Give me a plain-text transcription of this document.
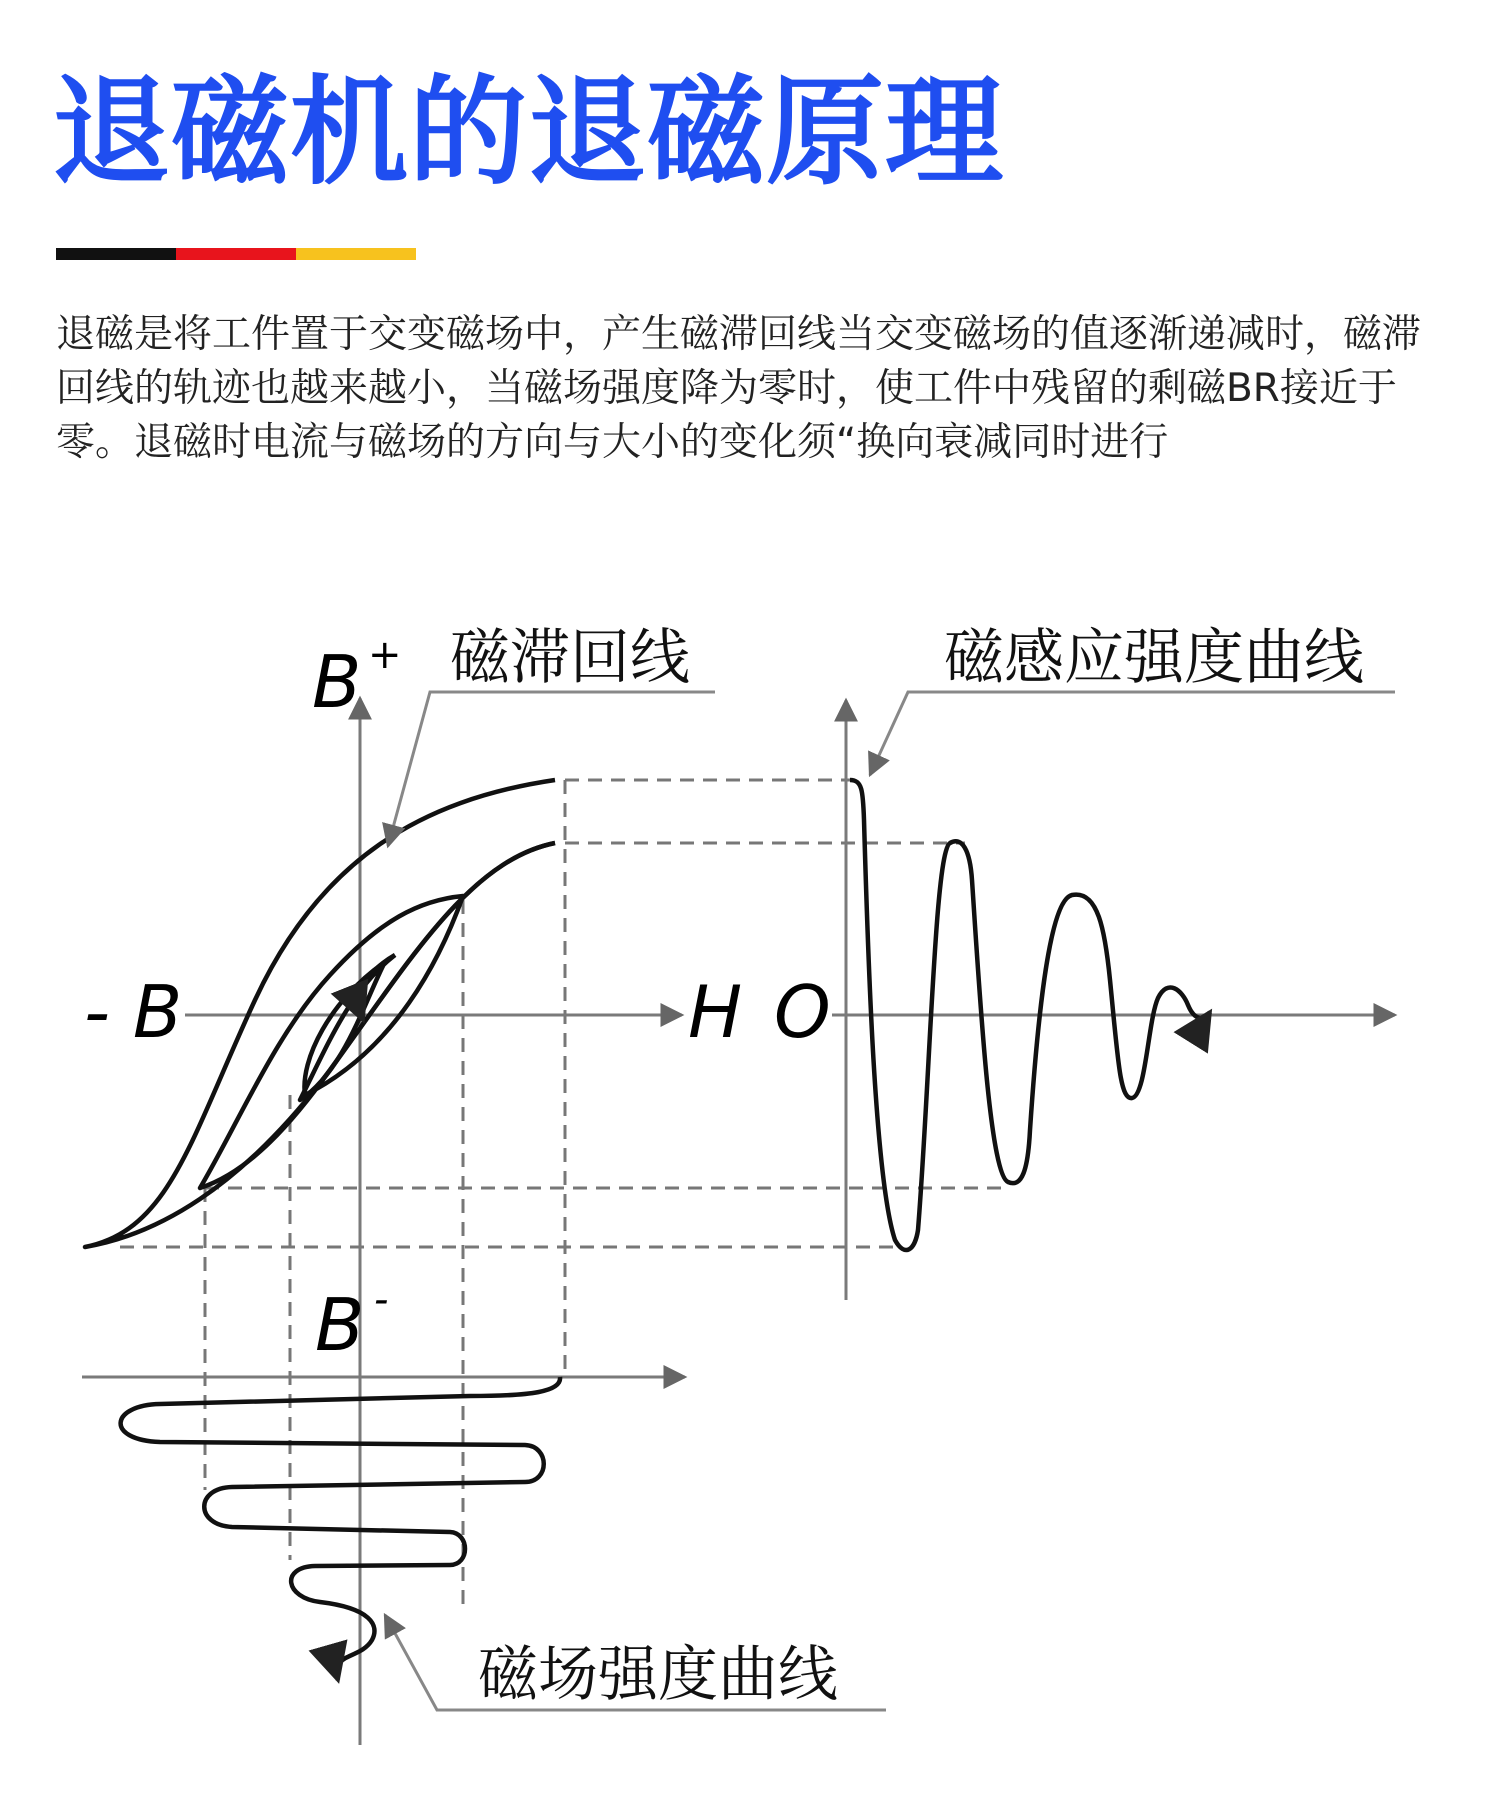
退磁机的退磁原理

退磁是将工件置于交变磁场中，产生磁滞回线当交变磁场的值逐渐递减时，磁滞回线的轨迹也越来越小，当磁场强度降为零时，使工件中残留的剩磁BR接近于零。退磁时电流与磁场的方向与大小的变化须“换向衰减同时进行

B +
B -
- B	H O
磁滞回线	磁感应强度曲线
磁场强度曲线
